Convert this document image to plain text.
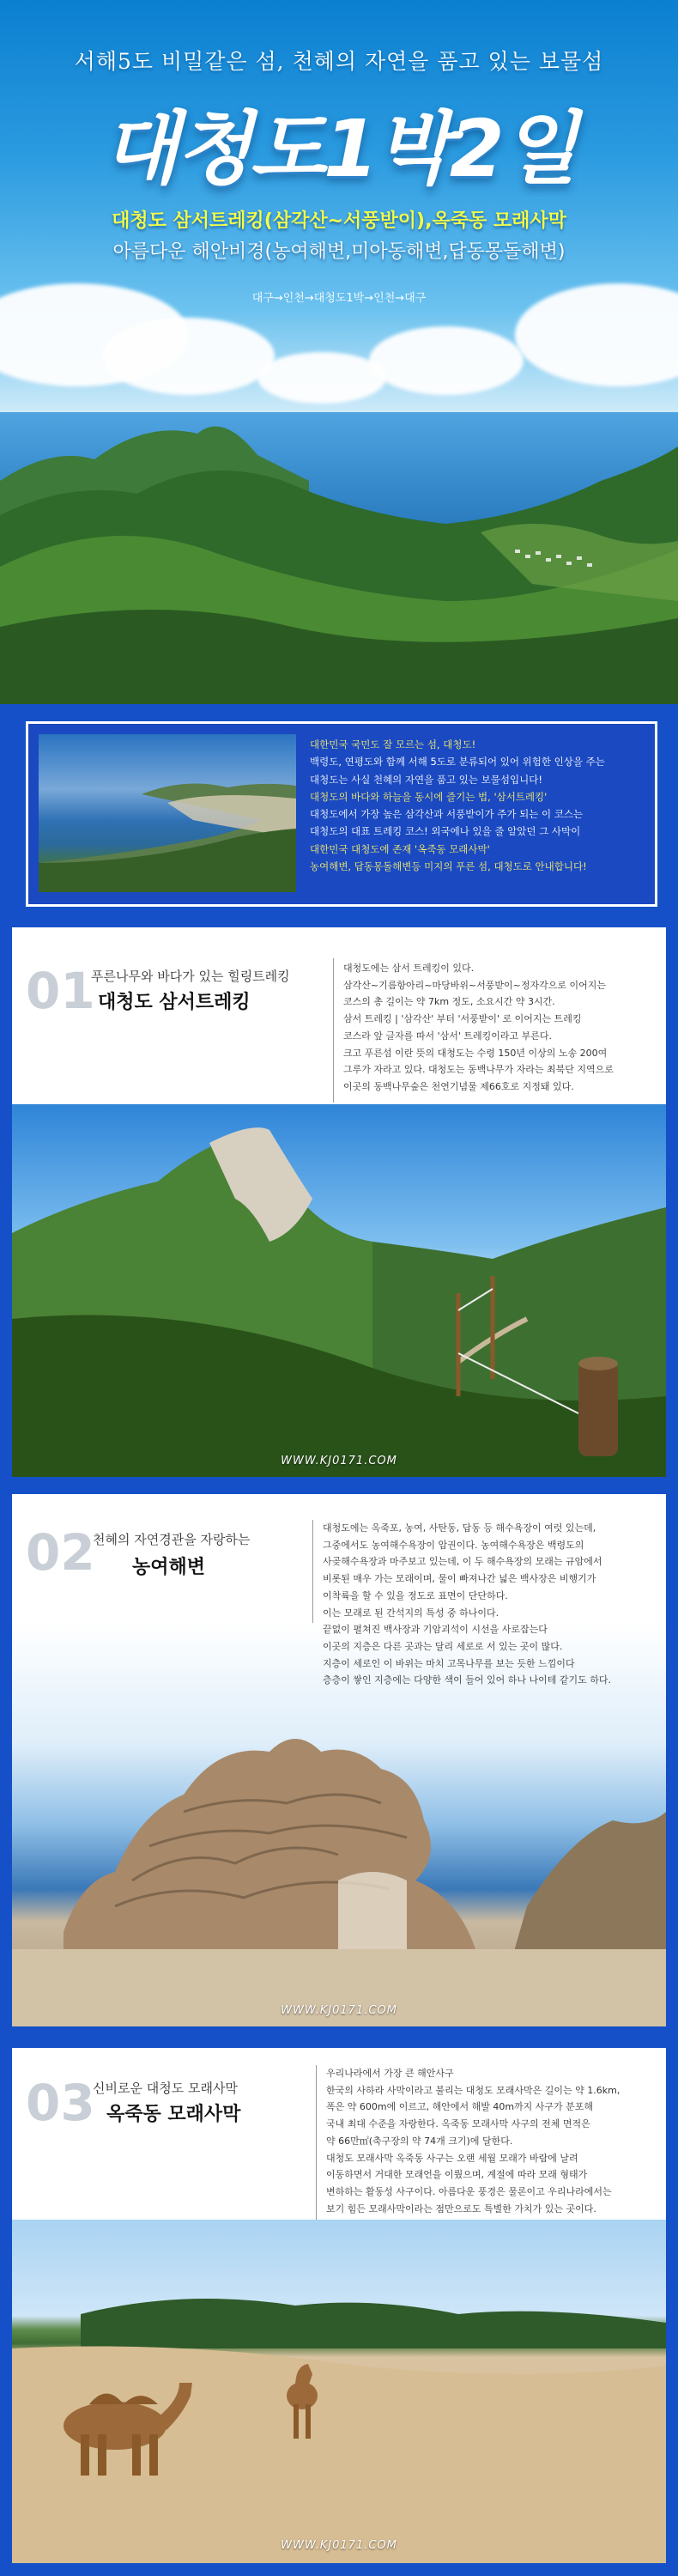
서해5도 비밀같은 섬, 천혜의 자연을 품고 있는 보물섬
대청도1박2일
대청도 삼서트레킹(삼각산~서풍받이),옥죽동 모래사막
아름다운 해안비경(농여해변,미아동해변,답동몽돌해변)
대구→인천→대청도1박→인천→대구
대한민국 국민도 잘 모르는 섬, 대청도!
백령도, 연평도와 함께 서해 5도로 분류되어 있어 위험한 인상을 주는
대청도는 사실 천혜의 자연을 품고 있는 보물섬입니다!
대청도의 바다와 하늘을 동시에 즐기는 법, '삼서트레킹'
대청도에서 가장 높은 삼각산과 서풍받이가 주가 되는 이 코스는
대청도의 대표 트레킹 코스! 외국에나 있을 줄 알았던 그 사막이
대한민국 대청도에 존재 '옥죽동 모래사막'
농여해변, 답동몽돌해변등 미지의 푸른 섬, 대청도로 안내합니다!
01
푸른나무와 바다가 있는 힐링트레킹
대청도 삼서트레킹
대청도에는 삼서 트레킹이 있다.
삼각산~기름항아리~마당바위~서풍받이~정자각으로 이어지는
코스의 총 길이는 약 7km 정도, 소요시간 약 3시간.
삼서 트레킹 | '삼각산' 부터 '서풍받이' 로 이어지는 트레킹
코스라 앞 글자를 따서 '삼서' 트레킹이라고 부른다.
크고 푸른섬 이란 뜻의 대청도는 수령 150년 이상의 노송 200여
그루가 자라고 있다. 대청도는 동백나무가 자라는 최북단 지역으로
이곳의 동백나무숲은 천연기념물 제66호로 지정돼 있다.
WWW.KJ0171.COM
02
천혜의 자연경관을 자랑하는
농여해변
대청도에는 옥죽포, 농여, 사탄동, 답동 등 해수욕장이 여럿 있는데,
그중에서도 농여해수욕장이 압권이다. 농여해수욕장은 백령도의
사곶해수욕장과 마주보고 있는데, 이 두 해수욕장의 모래는 규암에서
비롯된 매우 가는 모래이며, 물이 빠져나간 넓은 백사장은 비행기가
이착륙을 할 수 있을 정도로 표면이 단단하다.
이는 모래로 된 간석지의 특성 중 하나이다.
끝없이 펼쳐진 백사장과 기암괴석이 시선을 사로잡는다
이곳의 지층은 다른 곳과는 달리 세로로 서 있는 곳이 많다.
지층이 세로인 이 바위는 마치 고목나무를 보는 듯한 느낌이다
층층이 쌓인 지층에는 다양한 색이 들어 있어 하나 나이테 같기도 하다.
WWW.KJ0171.COM
03
신비로운 대청도 모래사막
옥죽동 모래사막
우리나라에서 가장 큰 해안사구
한국의 사하라 사막이라고 불리는 대청도 모래사막은 길이는 약 1.6km,
폭은 약 600m에 이르고, 해안에서 해발 40m까지 사구가 분포해
국내 최대 수준을 자랑한다. 옥죽동 모래사막 사구의 전체 면적은
약 66만㎡(축구장의 약 74개 크기)에 달한다.
대청도 모래사막 옥죽동 사구는 오랜 세월 모래가 바람에 날려
이동하면서 거대한 모래언을 이뤘으며, 계절에 따라 모래 형태가
변하하는 활동성 사구이다. 아름다운 풍경은 물론이고 우리나라에서는
보기 힘든 모래사막이라는 점만으로도 특별한 가치가 있는 곳이다.
WWW.KJ0171.COM
